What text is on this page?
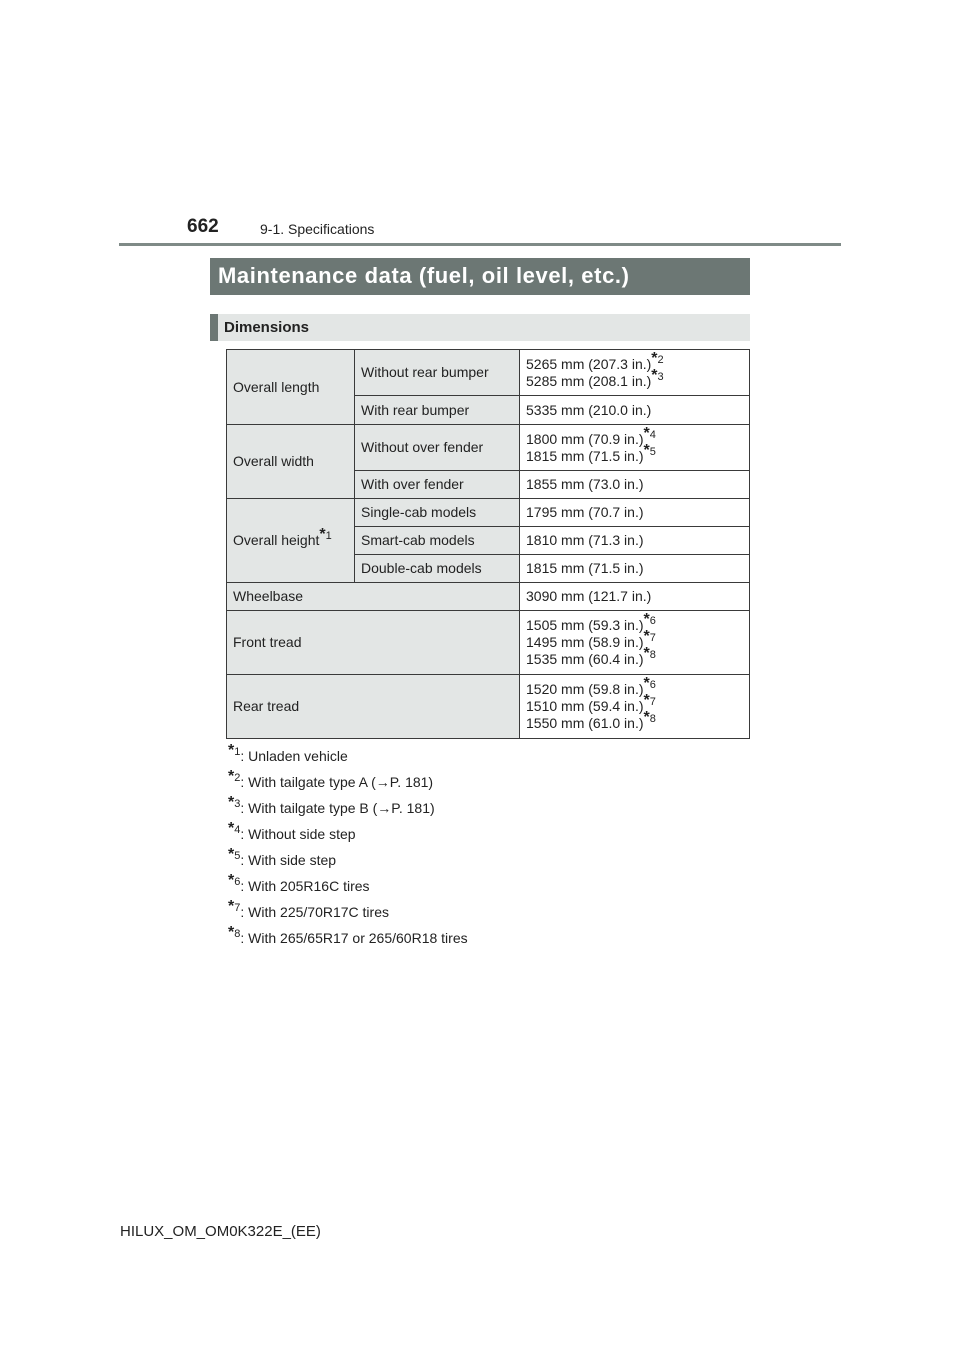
662	9-1. Specifications
Maintenance data (fuel, oil level, etc.)
Dimensions
Overall length	Without rear bumper	5265 mm (207.3 in.)$^{*2}$
5285 mm (208.1 in.)$^{*3}$

	With rear bumper	5335 mm (210.0 in.)
Overall width	Without over fender	1800 mm (70.9 in.)$^{*4}$
1815 mm (71.5 in.)$^{*5}$

	With over fender	1855 mm (73.0 in.)
Overall height$^{*1}$	Single-cab models	1795 mm (70.7 in.)
	Smart-cab models	1810 mm (71.3 in.)
	Double-cab models	1815 mm (71.5 in.)
Wheelbase		3090 mm (121.7 in.)
Front tread		1505 mm (59.3 in.)$^{*6}$
1495 mm (58.9 in.)$^{*7}$
1535 mm (60.4 in.)$^{*8}$

Rear tread		1520 mm (59.8 in.)$^{*6}$
1510 mm (59.4 in.)$^{*7}$
1550 mm (61.0 in.)$^{*8}$
$^{*1}$: Unladen vehicle
$^{*2}$: With tailgate type A (→P. 181)
$^{*3}$: With tailgate type B (→P. 181)
$^{*4}$: Without side step
$^{*5}$: With side step
$^{*6}$: With 205R16C tires
$^{*7}$: With 225/70R17C tires
$^{*8}$: With 265/65R17 or 265/60R18 tires
HILUX_OM_OM0K322E_(EE)
